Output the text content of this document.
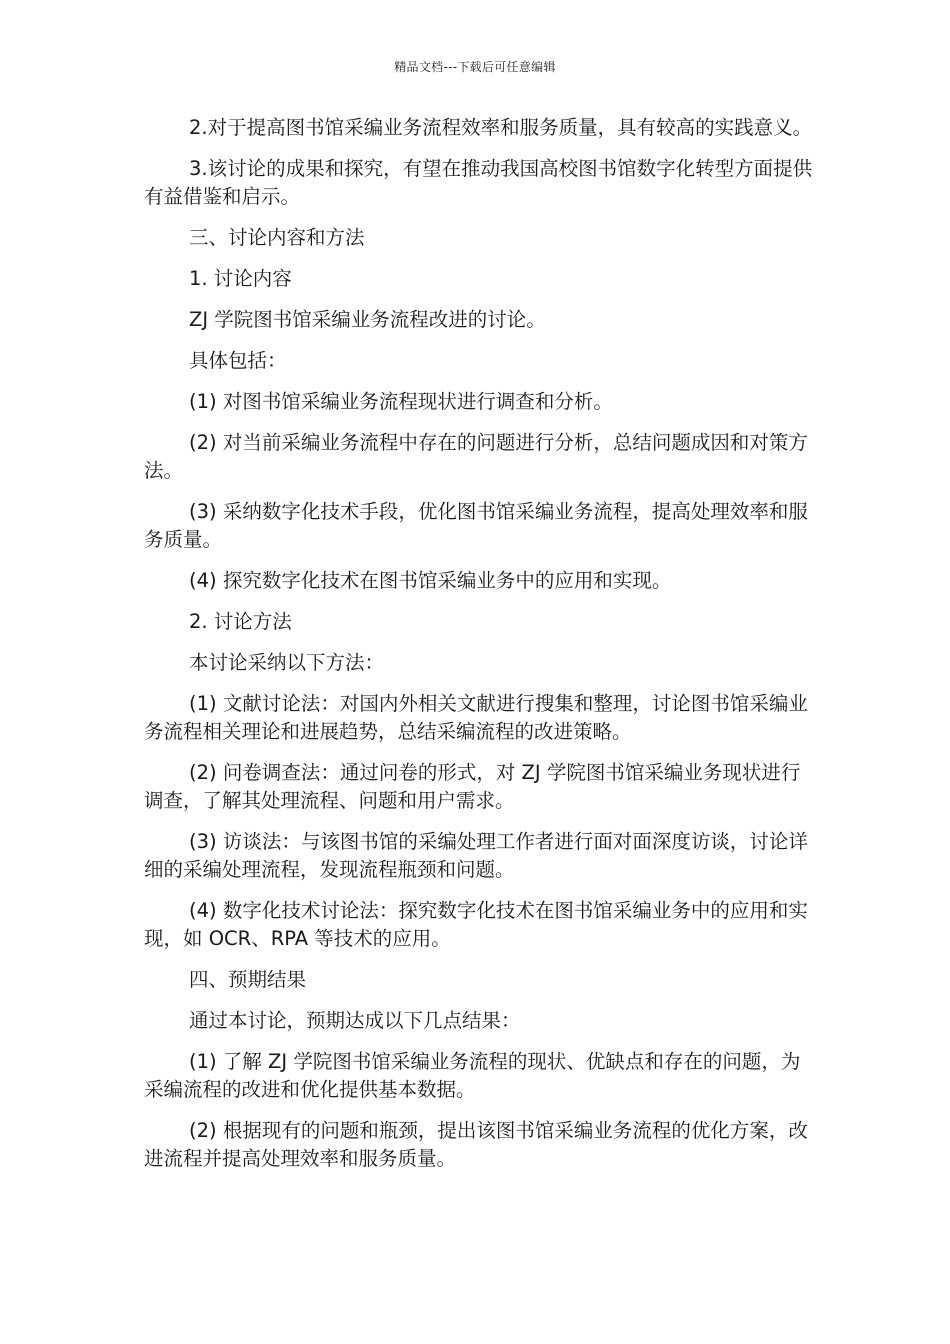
精品文档---下载后可任意编辑

2.对于提高图书馆采编业务流程效率和服务质量，具有较高的实践意义。

3.该讨论的成果和探究，有望在推动我国高校图书馆数字化转型方面提供有益借鉴和启示。

三、讨论内容和方法

1. 讨论内容

ZJ 学院图书馆采编业务流程改进的讨论。

具体包括：

(1) 对图书馆采编业务流程现状进行调查和分析。

(2) 对当前采编业务流程中存在的问题进行分析，总结问题成因和对策方法。

(3) 采纳数字化技术手段，优化图书馆采编业务流程，提高处理效率和服务质量。

(4) 探究数字化技术在图书馆采编业务中的应用和实现。

2. 讨论方法

本讨论采纳以下方法：

(1) 文献讨论法：对国内外相关文献进行搜集和整理，讨论图书馆采编业务流程相关理论和进展趋势，总结采编流程的改进策略。

(2) 问卷调查法：通过问卷的形式，对 ZJ 学院图书馆采编业务现状进行调查，了解其处理流程、问题和用户需求。

(3) 访谈法：与该图书馆的采编处理工作者进行面对面深度访谈，讨论详细的采编处理流程，发现流程瓶颈和问题。

(4) 数字化技术讨论法：探究数字化技术在图书馆采编业务中的应用和实现，如 OCR、RPA 等技术的应用。

四、预期结果

通过本讨论，预期达成以下几点结果：

(1) 了解 ZJ 学院图书馆采编业务流程的现状、优缺点和存在的问题，为采编流程的改进和优化提供基本数据。

(2) 根据现有的问题和瓶颈，提出该图书馆采编业务流程的优化方案，改进流程并提高处理效率和服务质量。
